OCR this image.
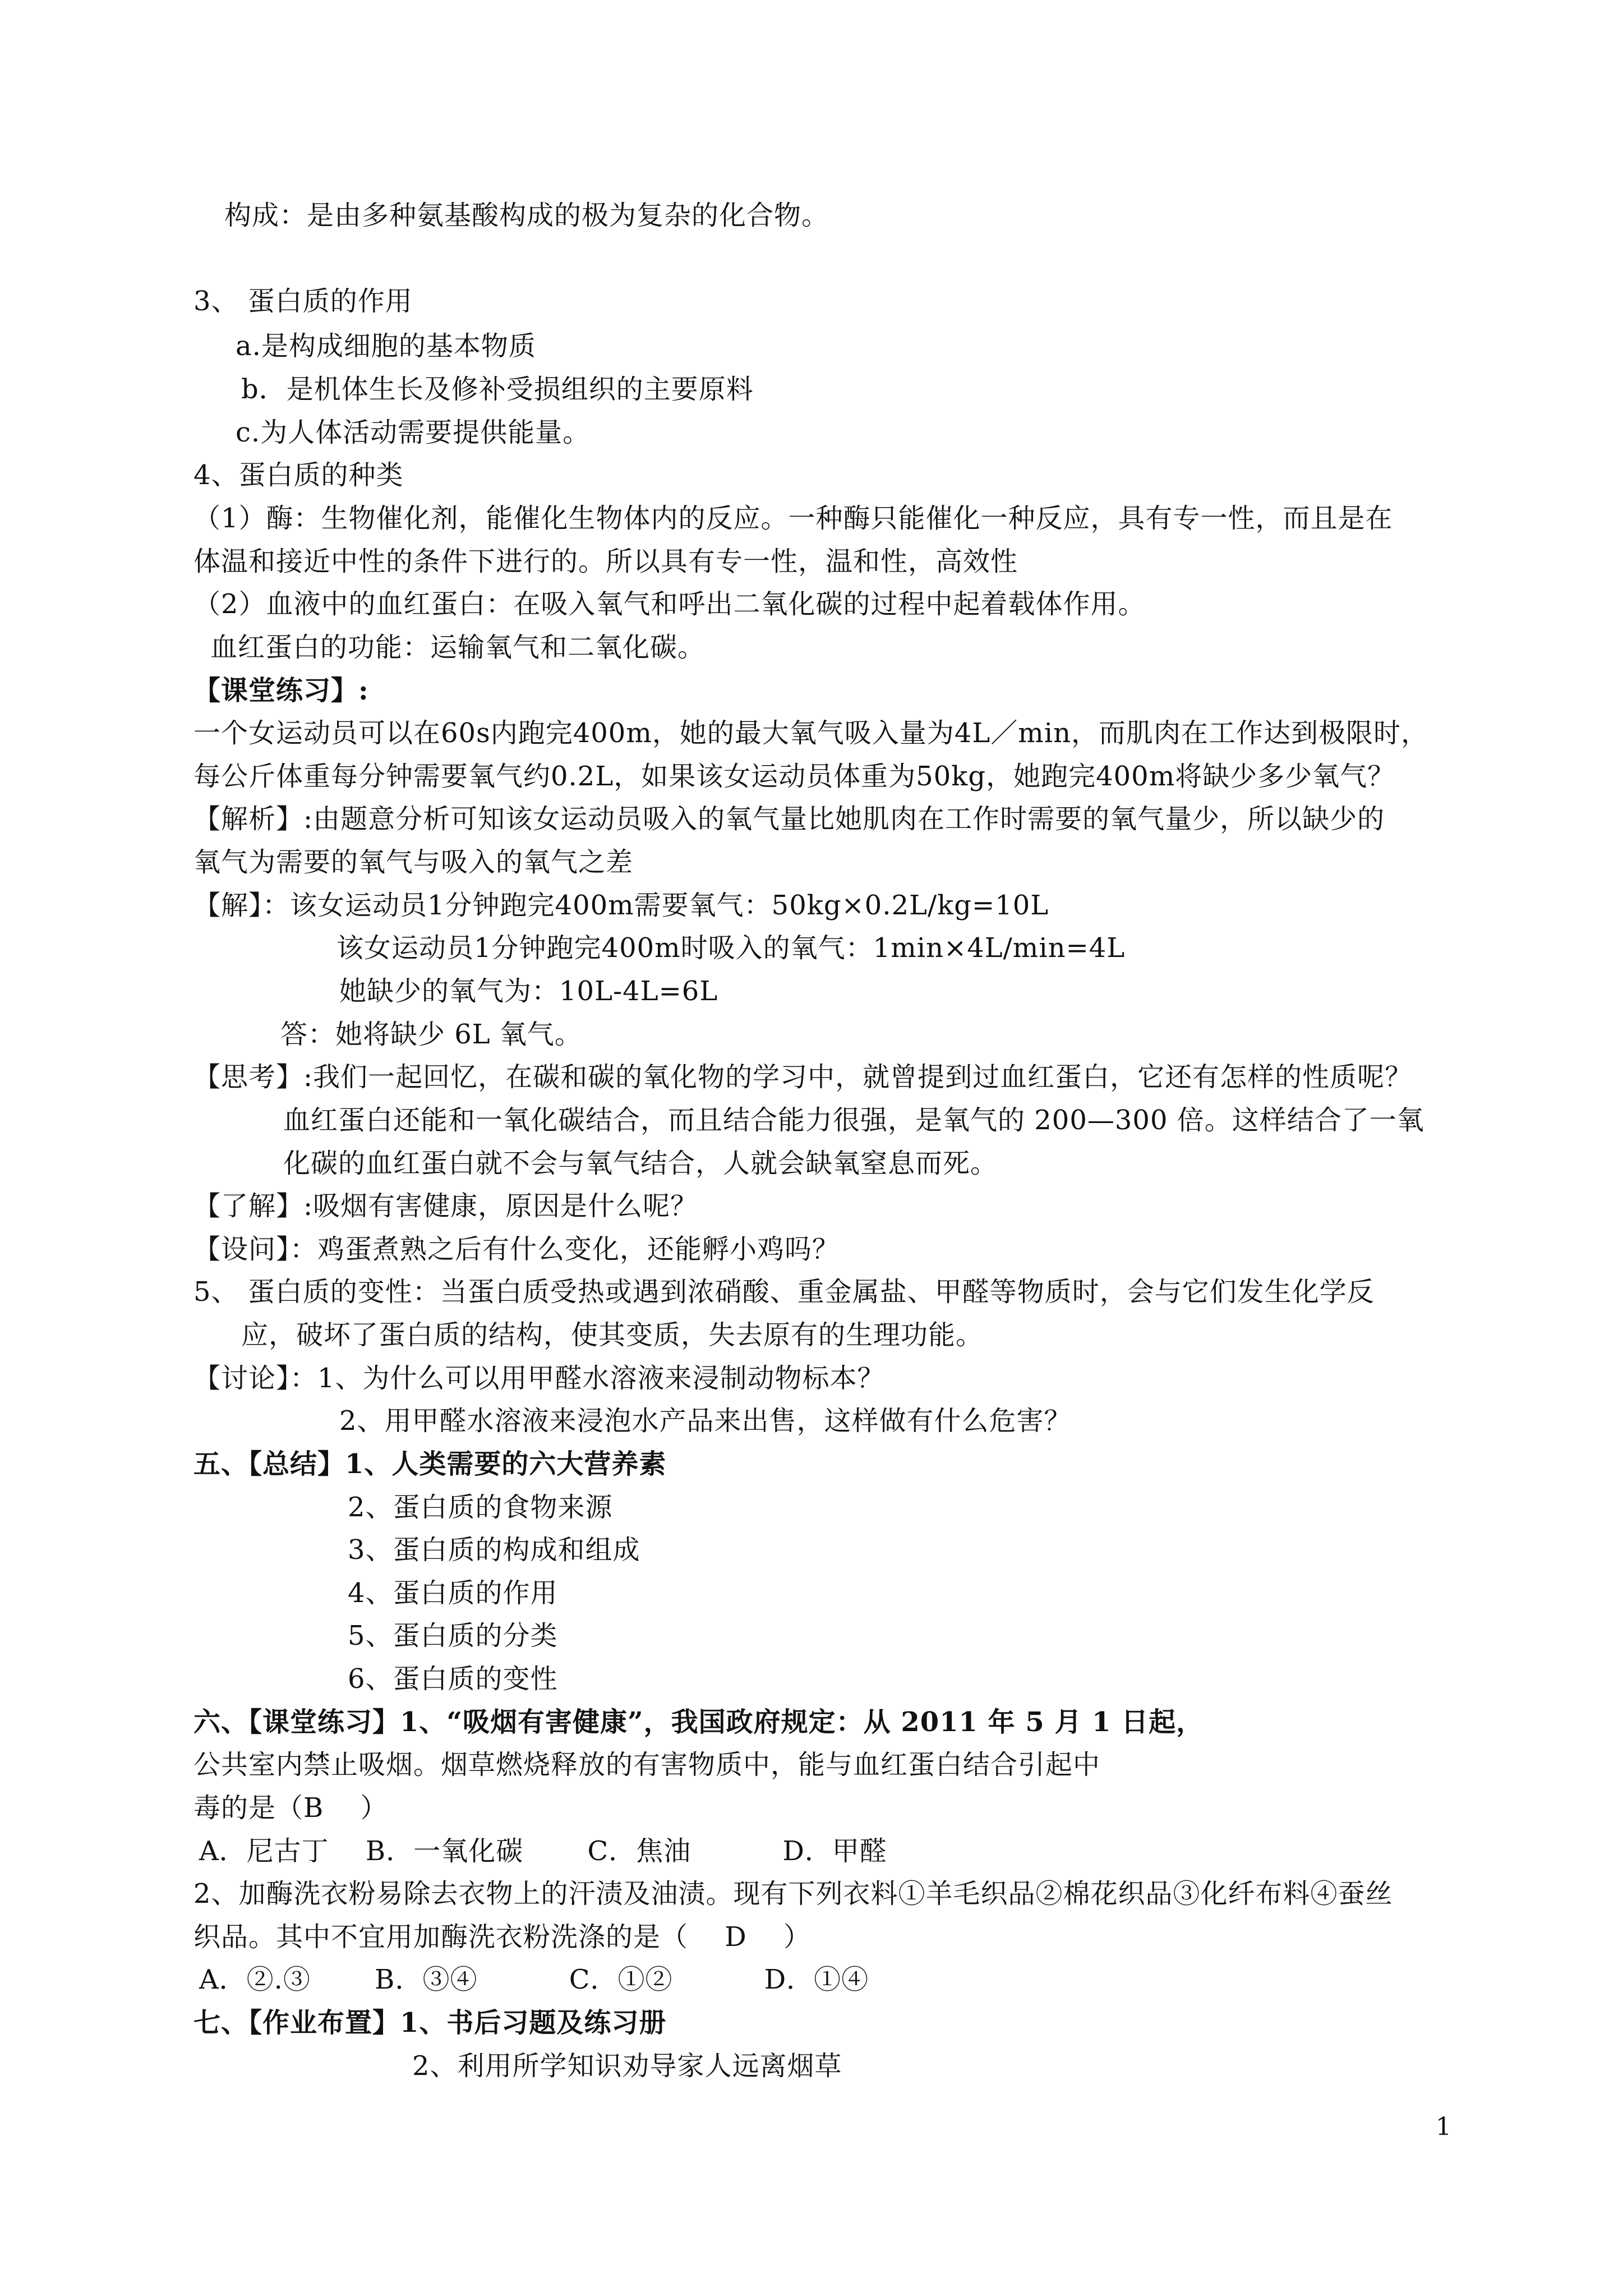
构成：是由多种氨基酸构成的极为复杂的化合物。
3、 蛋白质的作用
a.是构成细胞的基本物质
b．是机体生长及修补受损组织的主要原料
c.为人体活动需要提供能量。
4、蛋白质的种类
（1）酶：生物催化剂，能催化生物体内的反应。一种酶只能催化一种反应，具有专一性，而且是在
体温和接近中性的条件下进行的。所以具有专一性，温和性，高效性
（2）血液中的血红蛋白：在吸入氧气和呼出二氧化碳的过程中起着载体作用。
血红蛋白的功能：运输氧气和二氧化碳。
【课堂练习】:
一个女运动员可以在60s内跑完400m，她的最大氧气吸入量为4L／min，而肌肉在工作达到极限时，
每公斤体重每分钟需要氧气约0.2L，如果该女运动员体重为50kg，她跑完400m将缺少多少氧气？
【解析】:由题意分析可知该女运动员吸入的氧气量比她肌肉在工作时需要的氧气量少，所以缺少的
氧气为需要的氧气与吸入的氧气之差
【解】：该女运动员1分钟跑完400m需要氧气：50kg×0.2L/kg=10L
该女运动员1分钟跑完400m时吸入的氧气：1min×4L/min=4L
她缺少的氧气为：10L-4L=6L
答：她将缺少 6L 氧气。
【思考】:我们一起回忆，在碳和碳的氧化物的学习中，就曾提到过血红蛋白，它还有怎样的性质呢？
血红蛋白还能和一氧化碳结合，而且结合能力很强，是氧气的 200—300 倍。这样结合了一氧
化碳的血红蛋白就不会与氧气结合，人就会缺氧窒息而死。
【了解】:吸烟有害健康，原因是什么呢？
【设问】：鸡蛋煮熟之后有什么变化，还能孵小鸡吗？
5、 蛋白质的变性：当蛋白质受热或遇到浓硝酸、重金属盐、甲醛等物质时，会与它们发生化学反
应，破坏了蛋白质的结构，使其变质，失去原有的生理功能。
【讨论】：1、为什么可以用甲醛水溶液来浸制动物标本？
2、用甲醛水溶液来浸泡水产品来出售，这样做有什么危害？
五、【总结】1、人类需要的六大营养素
2、蛋白质的食物来源
3、蛋白质的构成和组成
4、蛋白质的作用
5、蛋白质的分类
6、蛋白质的变性
六、【课堂练习】1、“吸烟有害健康”，我国政府规定：从 2011 年 5 月 1 日起，
公共室内禁止吸烟。烟草燃烧释放的有害物质中，能与血红蛋白结合引起中
毒的是（B　 ）
A．尼古丁　 B．一氧化碳　　 C．焦油　　　 D．甲醛
2、加酶洗衣粉易除去衣物上的汗渍及油渍。现有下列衣料①羊毛织品②棉花织品③化纤布料④蚕丝
织品。其中不宜用加酶洗衣粉洗涤的是（　 D　 ）
A．②.③　　 B．③④　　　 C．①②　　　 D．①④
七、【作业布置】1、书后习题及练习册
2、利用所学知识劝导家人远离烟草
1
